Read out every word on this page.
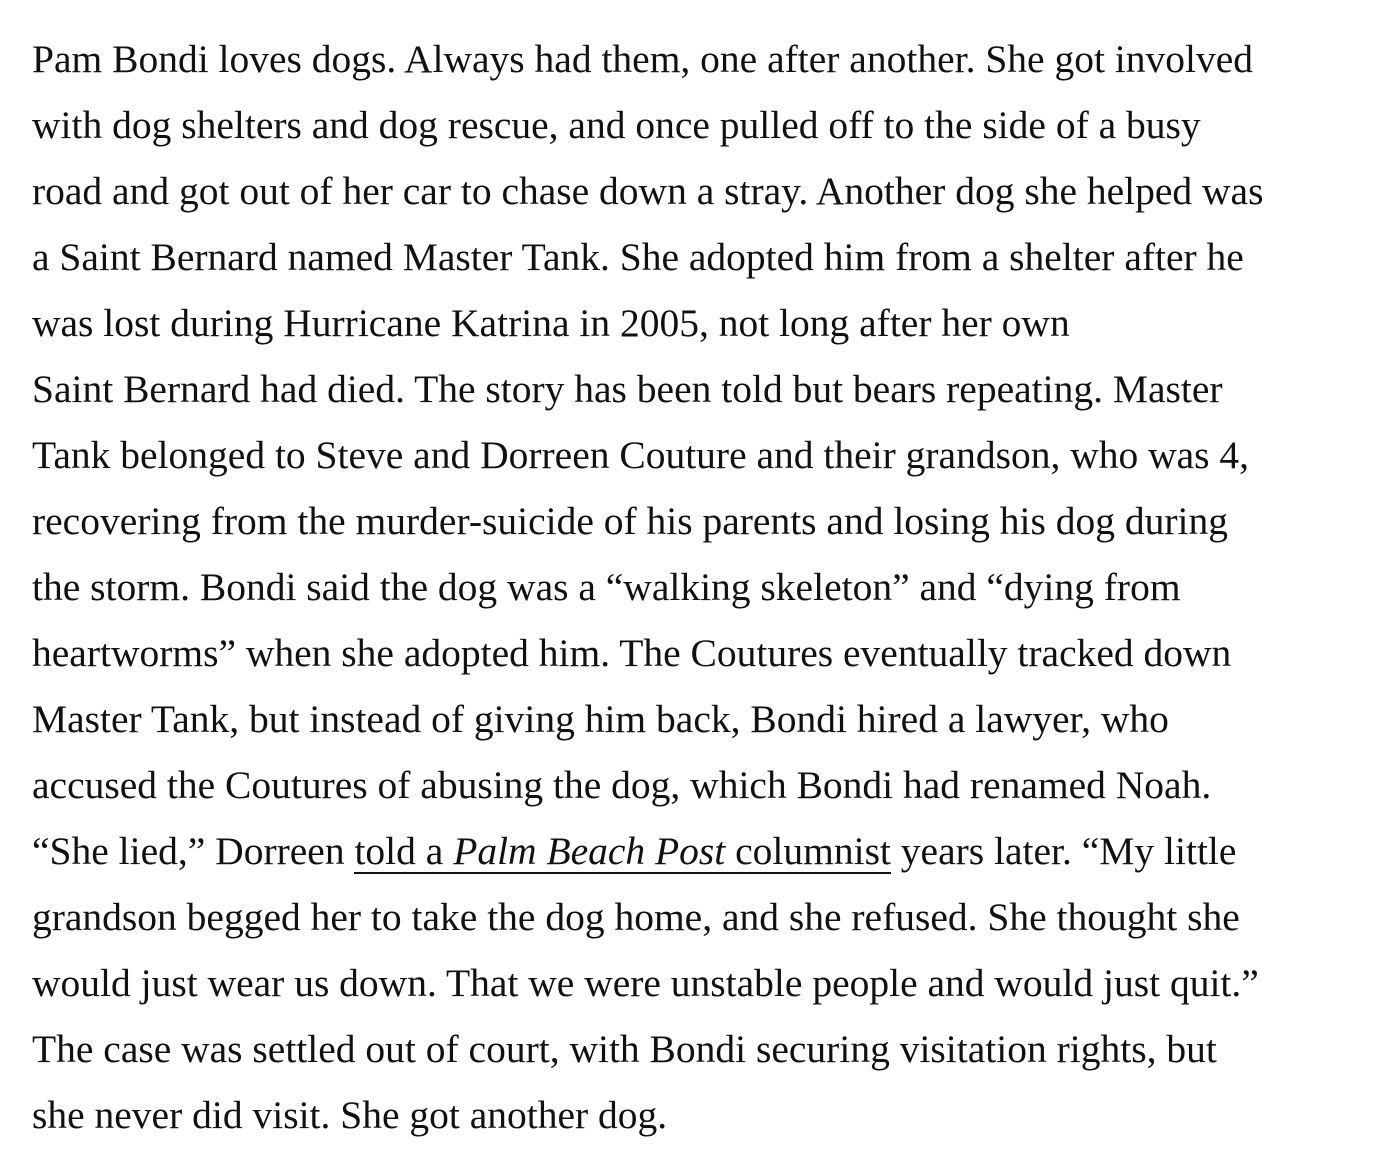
Pam Bondi loves dogs. Always had them, one after another. She got involved
with dog shelters and dog rescue, and once pulled off to the side of a busy
road and got out of her car to chase down a stray. Another dog she helped was
a Saint Bernard named Master Tank. She adopted him from a shelter after he
was lost during Hurricane Katrina in 2005, not long after her own
Saint Bernard had died. The story has been told but bears repeating. Master
Tank belonged to Steve and Dorreen Couture and their grandson, who was 4,
recovering from the murder-suicide of his parents and losing his dog during
the storm. Bondi said the dog was a “walking skeleton” and “dying from
heartworms” when she adopted him. The Coutures eventually tracked down
Master Tank, but instead of giving him back, Bondi hired a lawyer, who
accused the Coutures of abusing the dog, which Bondi had renamed Noah.
“She lied,” Dorreen told a Palm Beach Post columnist years later. “My little
grandson begged her to take the dog home, and she refused. She thought she
would just wear us down. That we were unstable people and would just quit.”
The case was settled out of court, with Bondi securing visitation rights, but
she never did visit. She got another dog.
